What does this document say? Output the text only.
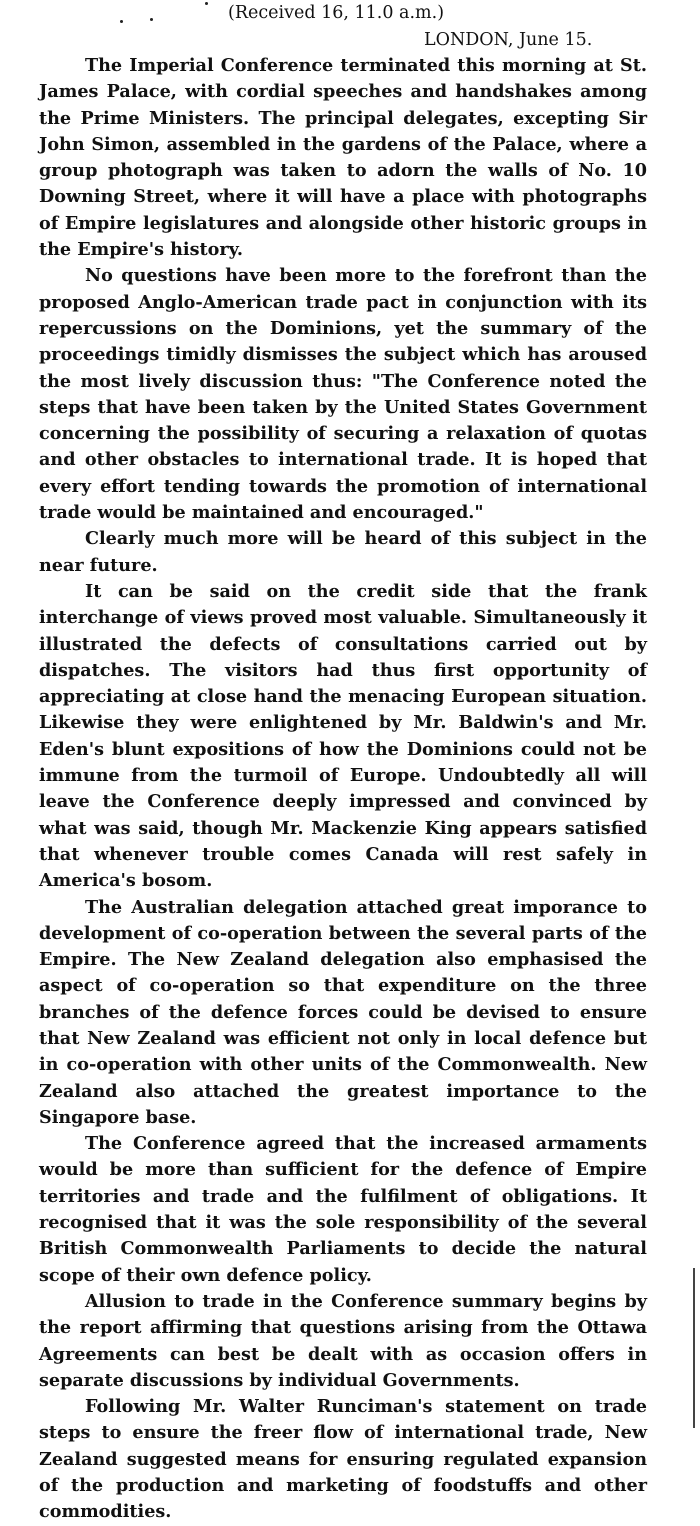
(Received 16, 11.0 a.m.)
LONDON, June 15.

The Imperial Conference terminated this morning at St. James Palace, with cordial speeches and handshakes among the Prime Ministers. The principal delegates, excepting Sir John Simon, assembled in the gardens of the Palace, where a group photograph was taken to adorn the walls of No. 10 Downing Street, where it will have a place with photographs of Empire legislatures and alongside other historic groups in the Empire's history.

No questions have been more to the forefront than the proposed Anglo-American trade pact in conjunction with its repercussions on the Dominions, yet the summary of the proceedings timidly dismisses the subject which has aroused the most lively discussion thus: "The Conference noted the steps that have been taken by the United States Government concerning the possibility of securing a relaxation of quotas and other obstacles to international trade. It is hoped that every effort tending towards the promotion of international trade would be maintained and encouraged."

Clearly much more will be heard of this subject in the near future.

It can be said on the credit side that the frank interchange of views proved most valuable. Simultaneously it illustrated the defects of consultations carried out by dispatches. The visitors had thus first opportunity of appreciating at close hand the menacing European situation. Likewise they were enlightened by Mr. Baldwin's and Mr. Eden's blunt expositions of how the Dominions could not be immune from the turmoil of Europe. Undoubtedly all will leave the Conference deeply impressed and convinced by what was said, though Mr. Mackenzie King appears satisfied that whenever trouble comes Canada will rest safely in America's bosom.

The Australian delegation attached great imporance to development of co-operation between the several parts of the Empire. The New Zealand delegation also emphasised the aspect of co-operation so that expenditure on the three branches of the defence forces could be devised to ensure that New Zealand was efficient not only in local defence but in co-operation with other units of the Commonwealth. New Zealand also attached the greatest importance to the Singapore base.

The Conference agreed that the increased armaments would be more than sufficient for the defence of Empire territories and trade and the fulfilment of obligations. It recognised that it was the sole responsibility of the several British Commonwealth Parliaments to decide the natural scope of their own defence policy.

Allusion to trade in the Conference summary begins by the report affirming that questions arising from the Ottawa Agreements can best be dealt with as occasion offers in separate discussions by individual Governments.

Following Mr. Walter Runciman's statement on trade steps to ensure the freer flow of international trade, New Zealand suggested means for ensuring regulated expansion of the production and marketing of foodstuffs and other commodities.
